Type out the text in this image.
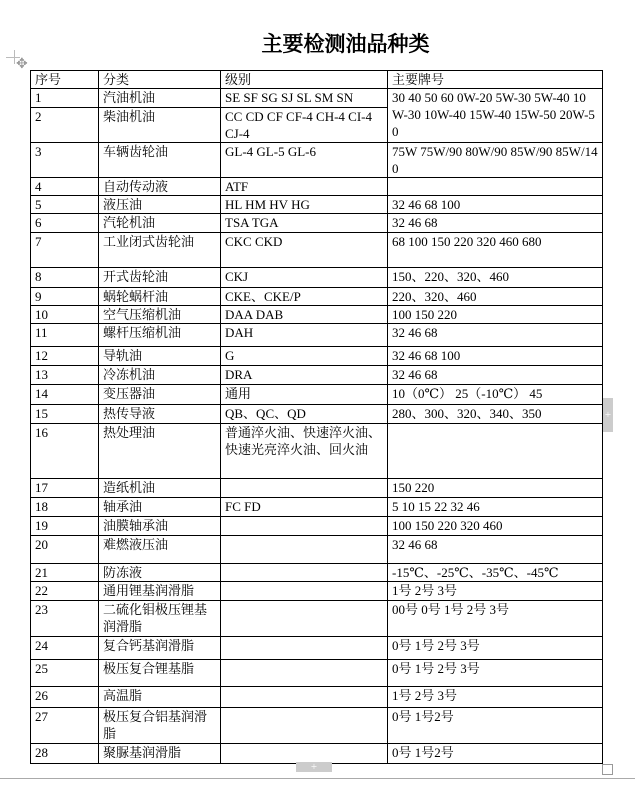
✥
主要检测油品种类
序号	分类	级别	主要牌号
1	汽油机油	SE SF SG SJ SL SM SN	30 40 50 60 0W-20 5W-30 5W-40 10W-30 10W-40 15W-40 15W-50 20W-50
2	柴油机油	CC CD CF CF-4 CH-4 CI-4 CJ-4	
3	车辆齿轮油	GL-4 GL-5 GL-6	75W 75W/90 80W/90 85W/90 85W/140
4	自动传动液	ATF	
5	液压油	HL HM HV HG	32 46 68 100
6	汽轮机油	TSA TGA	32 46 68
7	工业闭式齿轮油	CKC CKD	68 100 150 220 320 460 680
8	开式齿轮油	CKJ	150、220、320、460
9	蜗轮蜗杆油	CKE、CKE/P	220、320、460
10	空气压缩机油	DAA DAB	100 150 220
11	螺杆压缩机油	DAH	32 46 68
12	导轨油	G	32 46 68 100
13	冷冻机油	DRA	32 46 68
14	变压器油	通用	10（0℃） 25（-10℃） 45
15	热传导液	QB、QC、QD	280、300、320、340、350
16	热处理油	普通淬火油、快速淬火油、快速光亮淬火油、回火油	
17	造纸机油		150 220
18	轴承油	FC FD	5 10 15 22 32 46
19	油膜轴承油		100 150 220 320 460
20	难燃液压油		32 46 68
21	防冻液		-15℃、-25℃、-35℃、-45℃
22	通用锂基润滑脂		1号 2号 3号
23	二硫化钼极压锂基润滑脂		00号 0号 1号 2号 3号
24	复合钙基润滑脂		0号 1号 2号 3号
25	极压复合锂基脂		0号 1号 2号 3号
26	高温脂		1号 2号 3号
27	极压复合铝基润滑脂		0号 1号2号
28	聚脲基润滑脂		0号 1号2号
+
+
